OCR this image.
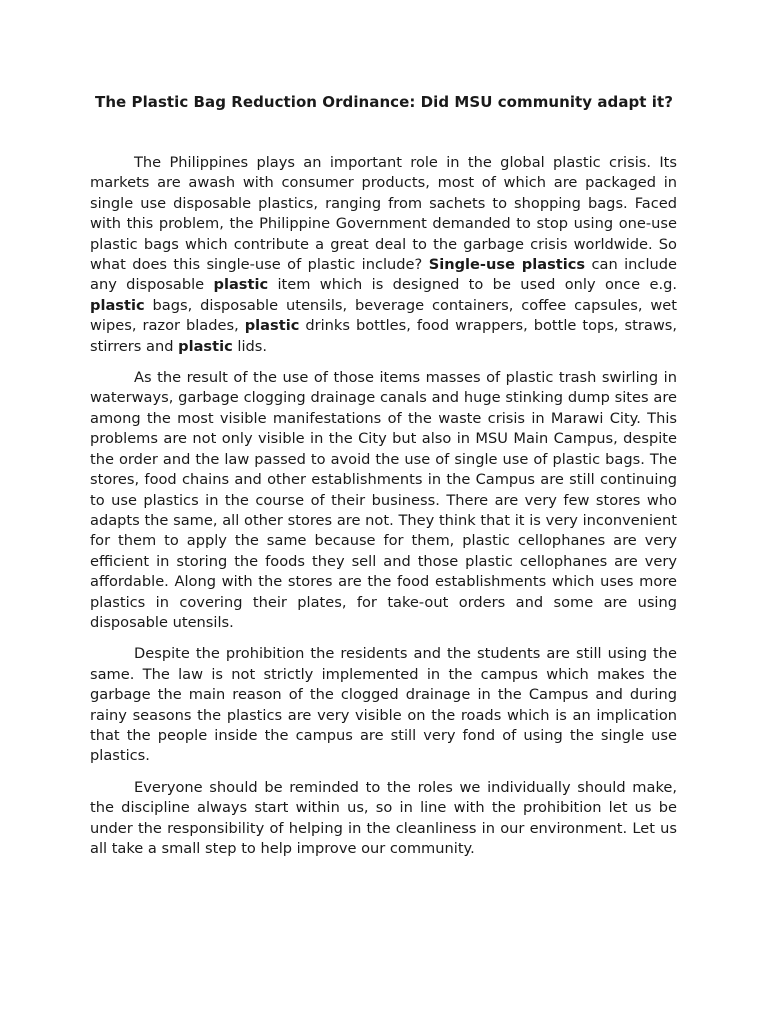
The Plastic Bag Reduction Ordinance: Did MSU community adapt it?

The Philippines plays an important role in the global plastic crisis. Its markets are awash with consumer products, most of which are packaged in single use disposable plastics, ranging from sachets to shopping bags. Faced with this problem, the Philippine Government demanded to stop using one-use plastic bags which contribute a great deal to the garbage crisis worldwide. So what does this single-use of plastic include? Single-use plastics can include any disposable plastic item which is designed to be used only once e.g. plastic bags, disposable utensils, beverage containers, coffee capsules, wet wipes, razor blades, plastic drinks bottles, food wrappers, bottle tops, straws, stirrers and plastic lids.

As the result of the use of those items masses of plastic trash swirling in waterways, garbage clogging drainage canals and huge stinking dump sites are among the most visible manifestations of the waste crisis in Marawi City. This problems are not only visible in the City but also in MSU Main Campus, despite the order and the law passed to avoid the use of single use of plastic bags. The stores, food chains and other establishments in the Campus are still continuing to use plastics in the course of their business. There are very few stores who adapts the same, all other stores are not. They think that it is very inconvenient for them to apply the same because for them, plastic cellophanes are very efficient in storing the foods they sell and those plastic cellophanes are very affordable. Along with the stores are the food establishments which uses more plastics in covering their plates, for take-out orders and some are using disposable utensils.

Despite the prohibition the residents and the students are still using the same. The law is not strictly implemented in the campus which makes the garbage the main reason of the clogged drainage in the Campus and during rainy seasons the plastics are very visible on the roads which is an implication that the people inside the campus are still very fond of using the single use plastics.

Everyone should be reminded to the roles we individually should make, the discipline always start within us, so in line with the prohibition let us be under the responsibility of helping in the cleanliness in our environment. Let us all take a small step to help improve our community.
